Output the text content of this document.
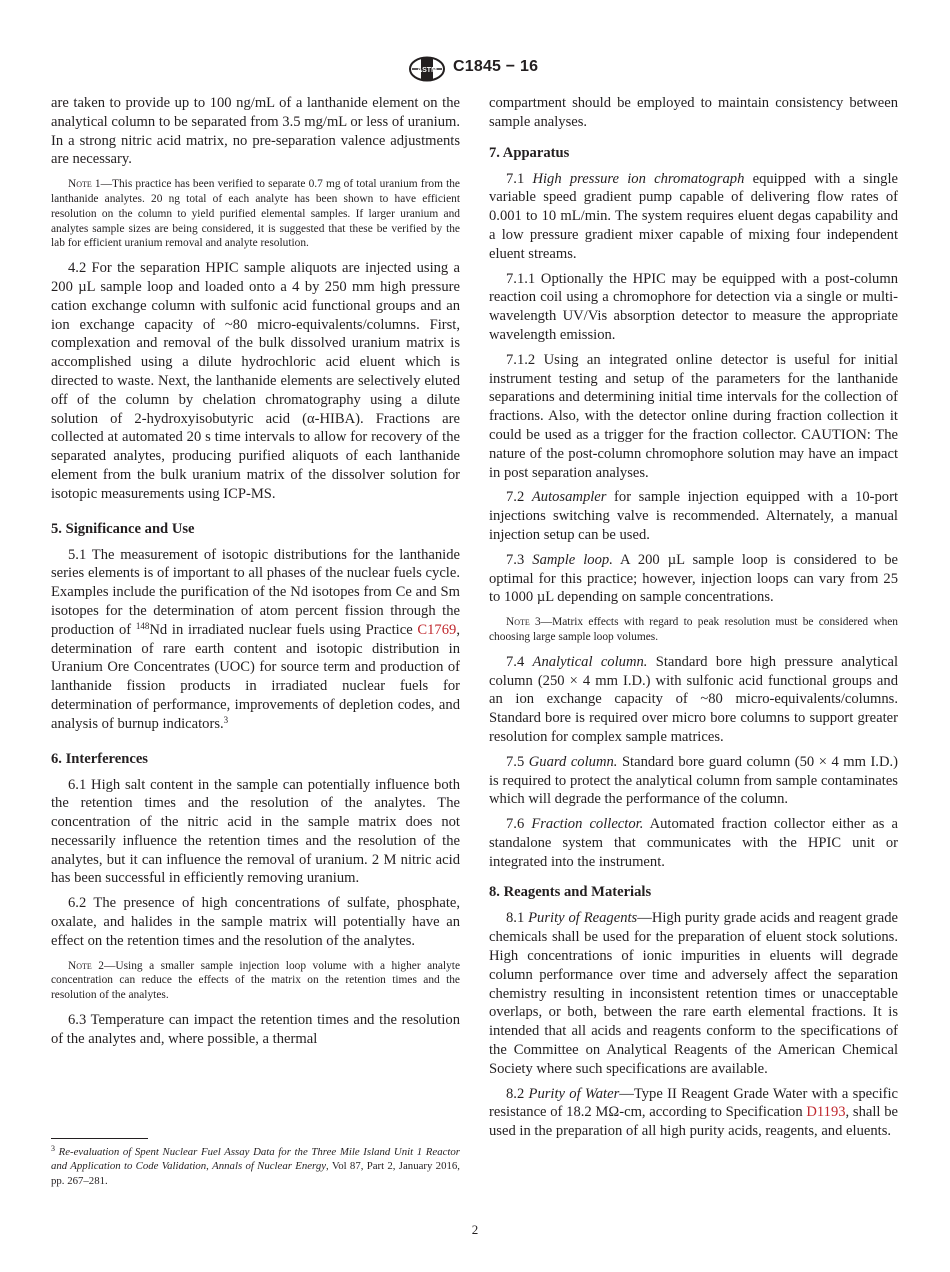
ASTM C1845 − 16

are taken to provide up to 100 ng/mL of a lanthanide element on the analytical column to be separated from 3.5 mg/mL or less of uranium. In a strong nitric acid matrix, no pre-separation valence adjustments are necessary.

Note 1—This practice has been verified to separate 0.7 mg of total uranium from the lanthanide analytes. 20 ng total of each analyte has been shown to have efficient resolution on the column to yield purified elemental samples. If larger uranium and analytes sample sizes are being considered, it is suggested that these be verified by the lab for efficient uranium removal and analyte resolution.

4.2 For the separation HPIC sample aliquots are injected using a 200 µL sample loop and loaded onto a 4 by 250 mm high pressure cation exchange column with sulfonic acid functional groups and an ion exchange capacity of ~80 micro-equivalents/columns. First, complexation and removal of the bulk dissolved uranium matrix is accomplished using a dilute hydrochloric acid eluent which is directed to waste. Next, the lanthanide elements are selectively eluted off of the column by chelation chromatography using a dilute solution of 2-hydroxyisobutyric acid (α-HIBA). Fractions are collected at automated 20 s time intervals to allow for recovery of the separated analytes, producing purified aliquots of each lanthanide element from the bulk uranium matrix of the dissolver solution for isotopic measurements using ICP-MS.

5. Significance and Use

5.1 The measurement of isotopic distributions for the lanthanide series elements is of important to all phases of the nuclear fuels cycle. Examples include the purification of the Nd isotopes from Ce and Sm isotopes for the determination of atom percent fission through the production of $^{148}$Nd in irradiated nuclear fuels using Practice C1769, determination of rare earth content and isotopic distribution in Uranium Ore Concentrates (UOC) for source term and production of lanthanide fission products in irradiated nuclear fuels for determination of performance, improvements of depletion codes, and analysis of burnup indicators.$^3$

6. Interferences

6.1 High salt content in the sample can potentially influence both the retention times and the resolution of the analytes. The concentration of the nitric acid in the sample matrix does not necessarily influence the retention times and the resolution of the analytes, but it can influence the removal of uranium. 2 M nitric acid has been successful in efficiently removing uranium.

6.2 The presence of high concentrations of sulfate, phosphate, oxalate, and halides in the sample matrix will potentially have an effect on the retention times and the resolution of the analytes.

Note 2—Using a smaller sample injection loop volume with a higher analyte concentration can reduce the effects of the matrix on the retention times and the resolution of the analytes.

6.3 Temperature can impact the retention times and the resolution of the analytes and, where possible, a thermal

compartment should be employed to maintain consistency between sample analyses.

7. Apparatus

7.1 High pressure ion chromatograph equipped with a single variable speed gradient pump capable of delivering flow rates of 0.001 to 10 mL/min. The system requires eluent degas capability and a low pressure gradient mixer capable of mixing four independent eluent streams.

7.1.1 Optionally the HPIC may be equipped with a post-column reaction coil using a chromophore for detection via a single or multi-wavelength UV/Vis absorption detector to measure the appropriate wavelength emission.

7.1.2 Using an integrated online detector is useful for initial instrument testing and setup of the parameters for the lanthanide separations and determining initial time intervals for the collection of fractions. Also, with the detector online during fraction collection it could be used as a trigger for the fraction collector. CAUTION: The nature of the post-column chromophore solution may have an impact in post separation analyses.

7.2 Autosampler for sample injection equipped with a 10-port injections switching valve is recommended. Alternately, a manual injection setup can be used.

7.3 Sample loop. A 200 µL sample loop is considered to be optimal for this practice; however, injection loops can vary from 25 to 1000 µL depending on sample concentrations.

Note 3—Matrix effects with regard to peak resolution must be considered when choosing large sample loop volumes.

7.4 Analytical column. Standard bore high pressure analytical column (250 × 4 mm I.D.) with sulfonic acid functional groups and an ion exchange capacity of ~80 micro-equivalents/columns. Standard bore is required over micro bore columns to support greater resolution for complex sample matrices.

7.5 Guard column. Standard bore guard column (50 × 4 mm I.D.) is required to protect the analytical column from sample contaminates which will degrade the performance of the column.

7.6 Fraction collector. Automated fraction collector either as a standalone system that communicates with the HPIC unit or integrated into the instrument.

8. Reagents and Materials

8.1 Purity of Reagents—High purity grade acids and reagent grade chemicals shall be used for the preparation of eluent stock solutions. High concentrations of ionic impurities in eluents will degrade column performance over time and adversely affect the separation chemistry resulting in inconsistent retention times or unacceptable overlaps, or both, between the rare earth elemental fractions. It is intended that all acids and reagents conform to the specifications of the Committee on Analytical Reagents of the American Chemical Society where such specifications are available.

8.2 Purity of Water—Type II Reagent Grade Water with a specific resistance of 18.2 MΩ-cm, according to Specification D1193, shall be used in the preparation of all high purity acids, reagents, and eluents.

$^3$ Re-evaluation of Spent Nuclear Fuel Assay Data for the Three Mile Island Unit 1 Reactor and Application to Code Validation, Annals of Nuclear Energy, Vol 87, Part 2, January 2016, pp. 267–281.
2
